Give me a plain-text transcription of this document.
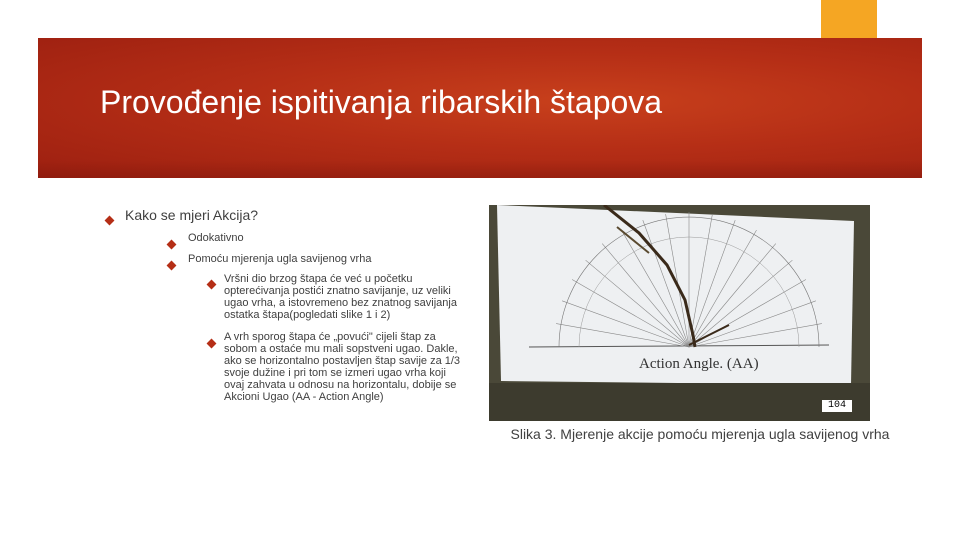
Provođenje ispitivanja ribarskih štapova
Kako se mjeri Akcija?
Odokativno
Pomoću mjerenja ugla savijenog vrha
Vršni dio brzog štapa će već u početku opterećivanja postići znatno savijanje, uz veliki ugao vrha, a istovremeno bez znatnog savijanja ostatka štapa(pogledati slike 1 i 2)
A vrh sporog štapa će „povući" cijeli štap za sobom a ostaće mu mali sopstveni ugao. Dakle, ako se horizontalno postavljen štap savije za 1/3 svoje dužine i pri tom se izmeri ugao vrha koji ovaj zahvata u odnosu na horizontalu, dobije se Akcioni Ugao (AA - Action Angle)
Action Angle. (AA)
104
Slika 3. Mjerenje akcije pomoću mjerenja ugla savijenog vrha
